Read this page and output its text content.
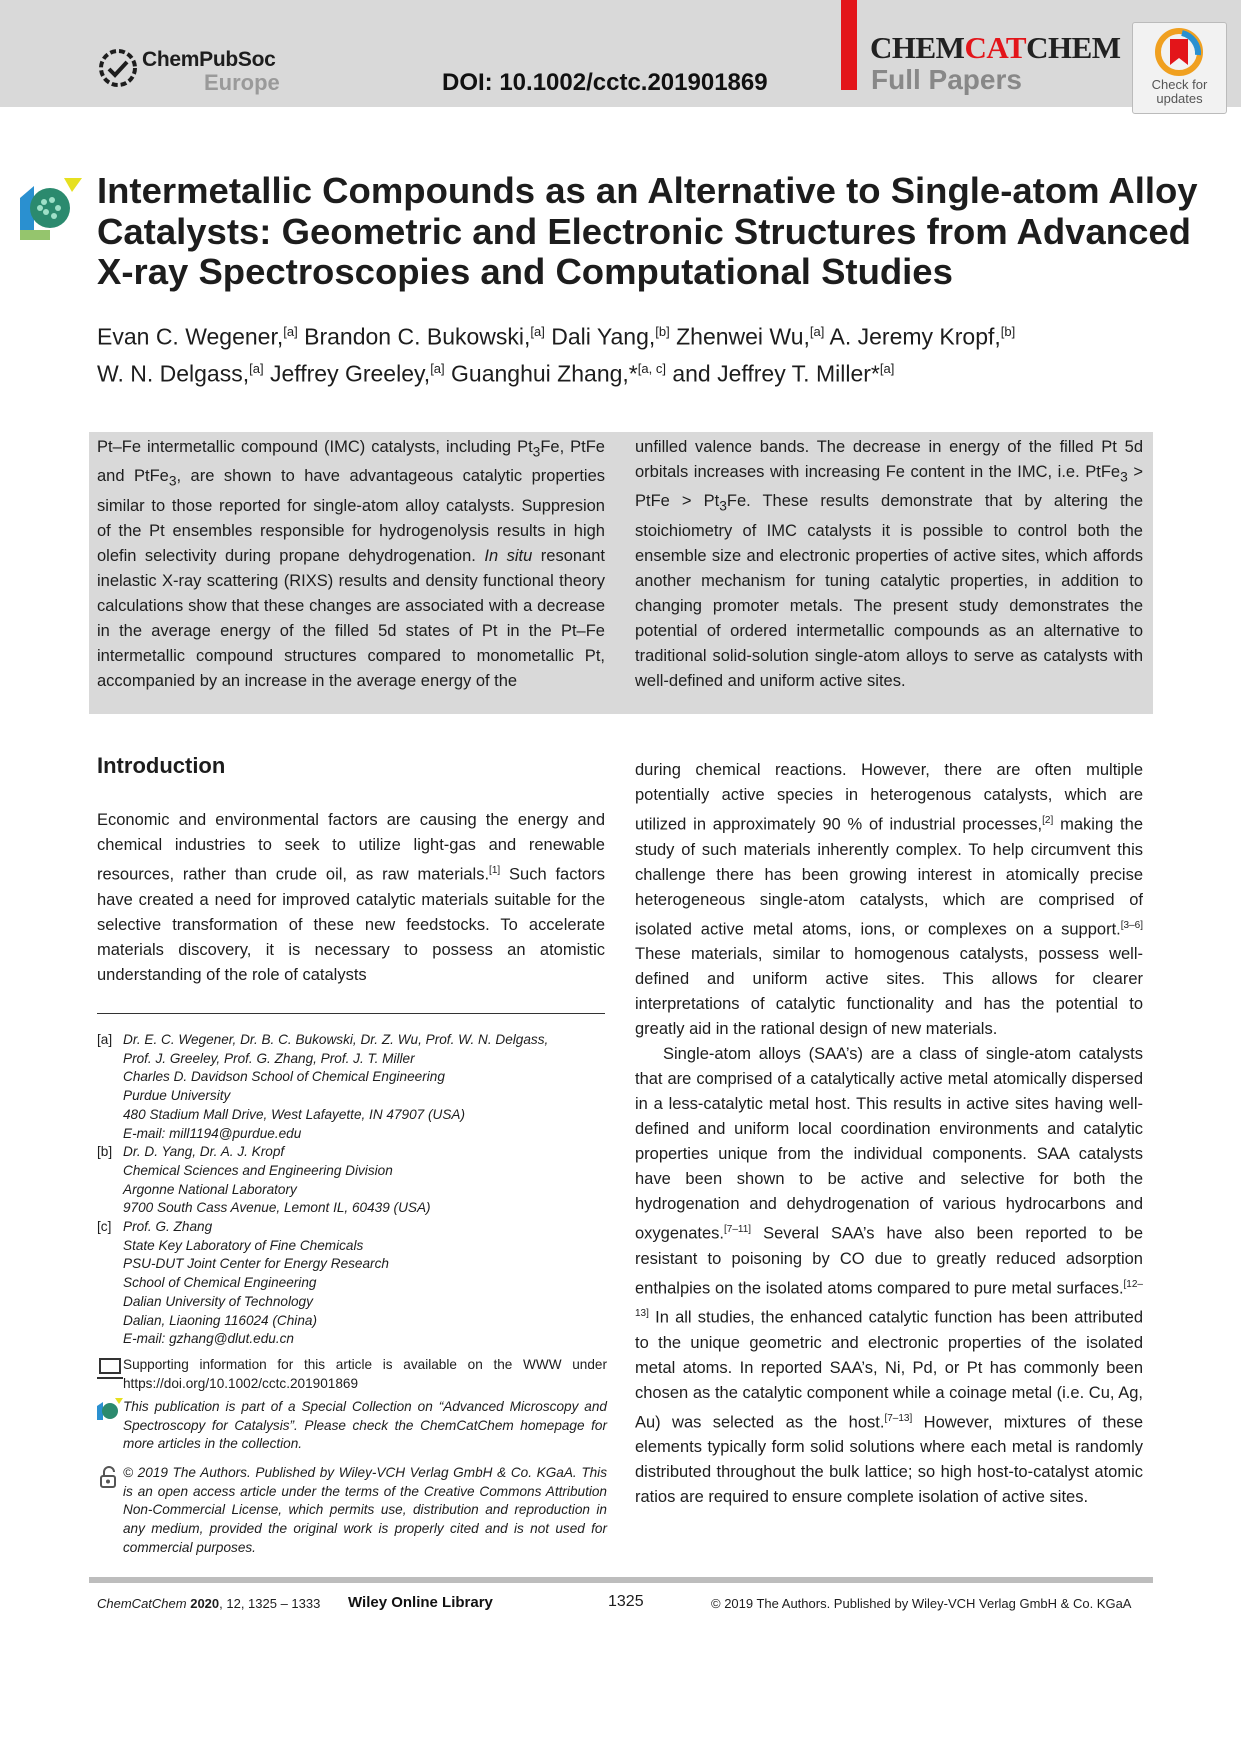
ChemPubSoc
Europe	DOI: 10.1002/cctc.201901869
CHEMCATCHEM
Full Papers	Check for
updates
Intermetallic Compounds as an Alternative to Single-atom Alloy Catalysts: Geometric and Electronic Structures from Advanced X-ray Spectroscopies and Computational Studies

Evan C. Wegener,[a] Brandon C. Bukowski,[a] Dali Yang,[b] Zhenwei Wu,[a] A. Jeremy Kropf,[b]
W. N. Delgass,[a] Jeffrey Greeley,[a] Guanghui Zhang,*[a, c] and Jeffrey T. Miller*[a]

Pt–Fe intermetallic compound (IMC) catalysts, including $Pt_3Fe$, PtFe and PtFe$_3$, are shown to have advantageous catalytic properties similar to those reported for single-atom alloy catalysts. Suppresion of the Pt ensembles responsible for hydrogenolysis results in high olefin selectivity during propane dehydrogenation. In situ resonant inelastic X-ray scattering (RIXS) results and density functional theory calculations show that these changes are associated with a decrease in the average energy of the filled 5d states of Pt in the Pt–Fe intermetallic compound structures compared to monometallic Pt, accompanied by an increase in the average energy of the
unfilled valence bands. The decrease in energy of the filled Pt 5d orbitals increases with increasing Fe content in the IMC, i.e. PtFe$_3$ > PtFe > $Pt_3Fe$. These results demonstrate that by altering the stoichiometry of IMC catalysts it is possible to control both the ensemble size and electronic properties of active sites, which affords another mechanism for tuning catalytic properties, in addition to changing promoter metals. The present study demonstrates the potential of ordered intermetallic compounds as an alternative to traditional solid-solution single-atom alloys to serve as catalysts with well-defined and uniform active sites.
Introduction

Economic and environmental factors are causing the energy and chemical industries to seek to utilize light-gas and renewable resources, rather than crude oil, as raw materials.[1] Such factors have created a need for improved catalytic materials suitable for the selective transformation of these new feedstocks. To accelerate materials discovery, it is necessary to possess an atomistic understanding of the role of catalysts

during chemical reactions. However, there are often multiple potentially active species in heterogenous catalysts, which are utilized in approximately 90 % of industrial processes,[2] making the study of such materials inherently complex. To help circumvent this challenge there has been growing interest in atomically precise heterogeneous single-atom catalysts, which are comprised of isolated active metal atoms, ions, or complexes on a support.[3–6] These materials, similar to homogenous catalysts, possess well-defined and uniform active sites. This allows for clearer interpretations of catalytic functionality and has the potential to greatly aid in the rational design of new materials.

Single-atom alloys (SAA’s) are a class of single-atom catalysts that are comprised of a catalytically active metal atomically dispersed in a less-catalytic metal host. This results in active sites having well-defined and uniform local coordination environments and catalytic properties unique from the individual components. SAA catalysts have been shown to be active and selective for both the hydrogenation and dehydrogenation of various hydrocarbons and oxygenates.[7–11] Several SAA’s have also been reported to be resistant to poisoning by CO due to greatly reduced adsorption enthalpies on the isolated atoms compared to pure metal surfaces.[12–13] In all studies, the enhanced catalytic function has been attributed to the unique geometric and electronic properties of the isolated metal atoms. In reported SAA’s, Ni, Pd, or Pt has commonly been chosen as the catalytic component while a coinage metal (i.e. Cu, Ag, Au) was selected as the host.[7–13] However, mixtures of these elements typically form solid solutions where each metal is randomly distributed throughout the bulk lattice; so high host-to-catalyst atomic ratios are required to ensure complete isolation of active sites.

[a] Dr. E. C. Wegener, Dr. B. C. Bukowski, Dr. Z. Wu, Prof. W. N. Delgass,
Prof. J. Greeley, Prof. G. Zhang, Prof. J. T. Miller
Charles D. Davidson School of Chemical Engineering
Purdue University
480 Stadium Mall Drive, West Lafayette, IN 47907 (USA)
E-mail: mill1194@purdue.edu
[b] Dr. D. Yang, Dr. A. J. Kropf
Chemical Sciences and Engineering Division
Argonne National Laboratory
9700 South Cass Avenue, Lemont IL, 60439 (USA)
[c] Prof. G. Zhang
State Key Laboratory of Fine Chemicals
PSU-DUT Joint Center for Energy Research
School of Chemical Engineering
Dalian University of Technology
Dalian, Liaoning 116024 (China)
E-mail: gzhang@dlut.edu.cn
Supporting information for this article is available on the WWW under https://doi.org/10.1002/cctc.201901869
This publication is part of a Special Collection on “Advanced Microscopy and Spectroscopy for Catalysis”. Please check the ChemCatChem homepage for more articles in the collection.
© 2019 The Authors. Published by Wiley-VCH Verlag GmbH & Co. KGaA. This is an open access article under the terms of the Creative Commons Attribution Non-Commercial License, which permits use, distribution and reproduction in any medium, provided the original work is properly cited and is not used for commercial purposes.
ChemCatChem 2020, 12, 1325 – 1333 Wiley Online Library	1325	© 2019 The Authors. Published by Wiley-VCH Verlag GmbH & Co. KGaA
